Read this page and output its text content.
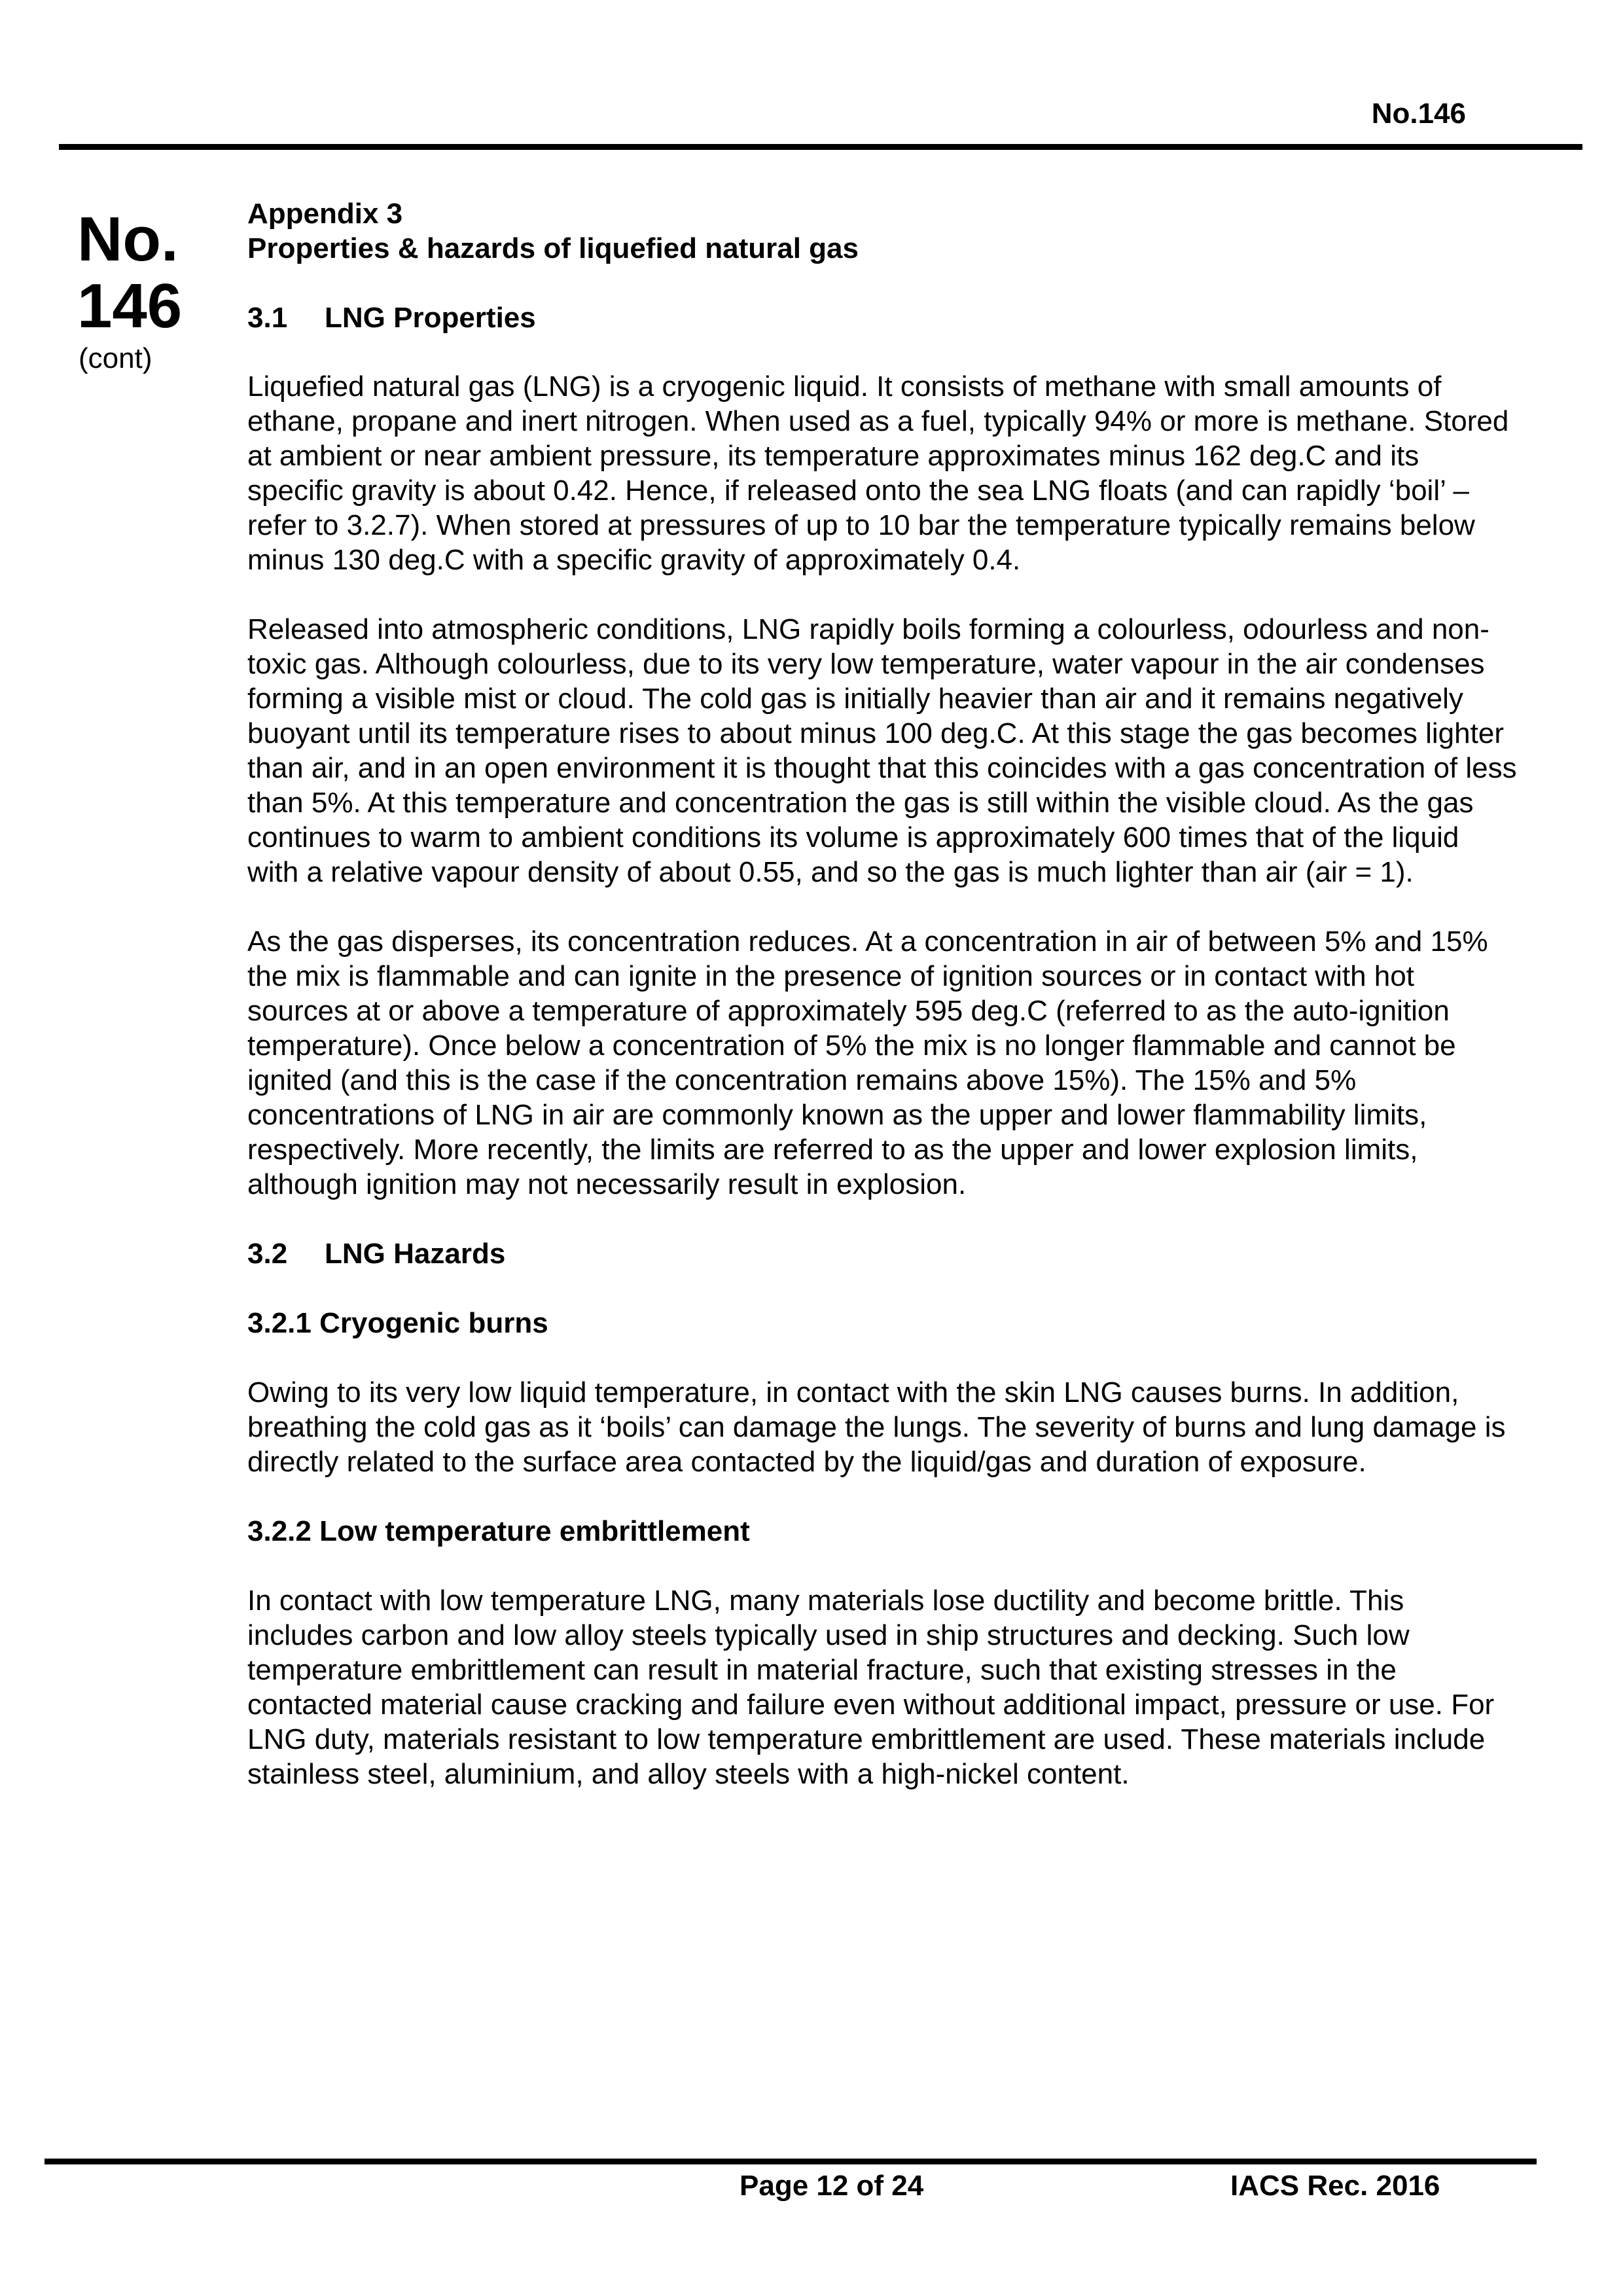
No.146
No.
146
(cont)

Appendix 3

Properties & hazards of liquefied natural gas

3.1 LNG Properties

Liquefied natural gas (LNG) is a cryogenic liquid. It consists of methane with small amounts of ethane, propane and inert nitrogen. When used as a fuel, typically 94% or more is methane. Stored at ambient or near ambient pressure, its temperature approximates minus 162 deg.C and its specific gravity is about 0.42. Hence, if released onto the sea LNG floats (and can rapidly ‘boil’ – refer to 3.2.7). When stored at pressures of up to 10 bar the temperature typically remains below minus 130 deg.C with a specific gravity of approximately 0.4.

Released into atmospheric conditions, LNG rapidly boils forming a colourless, odourless and non-toxic gas. Although colourless, due to its very low temperature, water vapour in the air condenses forming a visible mist or cloud. The cold gas is initially heavier than air and it remains negatively buoyant until its temperature rises to about minus 100 deg.C. At this stage the gas becomes lighter than air, and in an open environment it is thought that this coincides with a gas concentration of less than 5%. At this temperature and concentration the gas is still within the visible cloud. As the gas continues to warm to ambient conditions its volume is approximately 600 times that of the liquid with a relative vapour density of about 0.55, and so the gas is much lighter than air (air = 1).

As the gas disperses, its concentration reduces. At a concentration in air of between 5% and 15% the mix is flammable and can ignite in the presence of ignition sources or in contact with hot sources at or above a temperature of approximately 595 deg.C (referred to as the auto-ignition temperature). Once below a concentration of 5% the mix is no longer flammable and cannot be ignited (and this is the case if the concentration remains above 15%). The 15% and 5% concentrations of LNG in air are commonly known as the upper and lower flammability limits, respectively. More recently, the limits are referred to as the upper and lower explosion limits, although ignition may not necessarily result in explosion.

3.2 LNG Hazards

3.2.1 Cryogenic burns

Owing to its very low liquid temperature, in contact with the skin LNG causes burns. In addition, breathing the cold gas as it ‘boils’ can damage the lungs. The severity of burns and lung damage is directly related to the surface area contacted by the liquid/gas and duration of exposure.

3.2.2 Low temperature embrittlement

In contact with low temperature LNG, many materials lose ductility and become brittle. This includes carbon and low alloy steels typically used in ship structures and decking. Such low temperature embrittlement can result in material fracture, such that existing stresses in the contacted material cause cracking and failure even without additional impact, pressure or use. For LNG duty, materials resistant to low temperature embrittlement are used. These materials include stainless steel, aluminium, and alloy steels with a high-nickel content.

Page 12 of 24	IACS Rec. 2016
